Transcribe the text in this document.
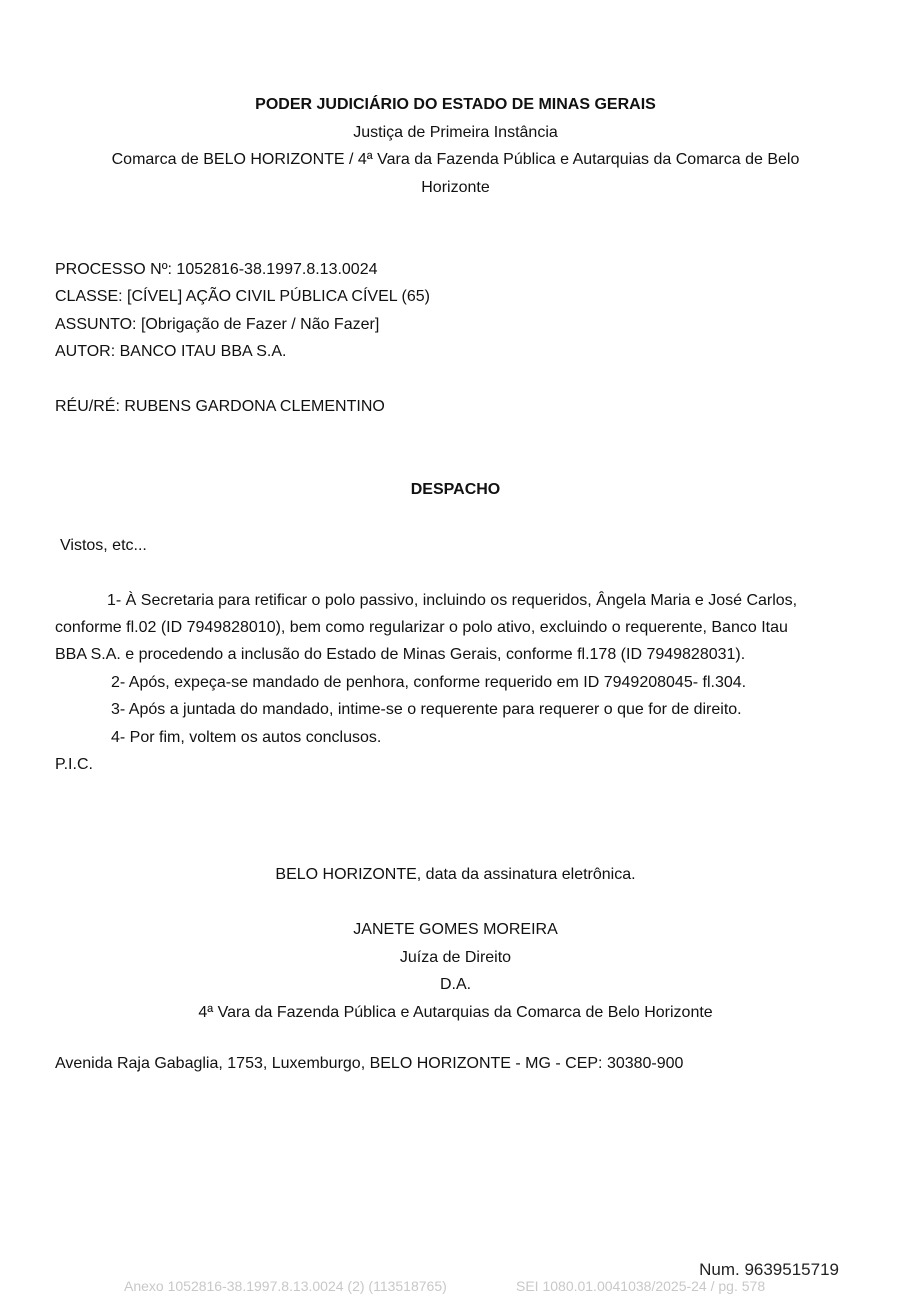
PODER JUDICIÁRIO DO ESTADO DE MINAS GERAIS
Justiça de Primeira Instância
Comarca de BELO HORIZONTE / 4ª Vara da Fazenda Pública e Autarquias da Comarca de Belo
Horizonte
PROCESSO Nº: 1052816-38.1997.8.13.0024
CLASSE: [CÍVEL] AÇÃO CIVIL PÚBLICA CÍVEL (65)
ASSUNTO: [Obrigação de Fazer / Não Fazer]
AUTOR: BANCO ITAU BBA S.A.
RÉU/RÉ: RUBENS GARDONA CLEMENTINO
DESPACHO
Vistos, etc...
1- À Secretaria para retificar o polo passivo, incluindo os requeridos, Ângela Maria e José Carlos,
conforme fl.02 (ID 7949828010), bem como regularizar o polo ativo, excluindo o requerente, Banco Itau
BBA S.A. e procedendo a inclusão do Estado de Minas Gerais, conforme fl.178 (ID 7949828031).
2- Após, expeça-se mandado de penhora, conforme requerido em ID 7949208045- fl.304.
3- Após a juntada do mandado, intime-se o requerente para requerer o que for de direito.
4- Por fim, voltem os autos conclusos.
P.I.C.
BELO HORIZONTE, data da assinatura eletrônica.
JANETE GOMES MOREIRA
Juíza de Direito
D.A.
4ª Vara da Fazenda Pública e Autarquias da Comarca de Belo Horizonte
Avenida Raja Gabaglia, 1753, Luxemburgo, BELO HORIZONTE - MG - CEP: 30380-900
Num. 9639515719
Anexo 1052816-38.1997.8.13.0024 (2) (113518765)	SEI 1080.01.0041038/2025-24 / pg. 578
